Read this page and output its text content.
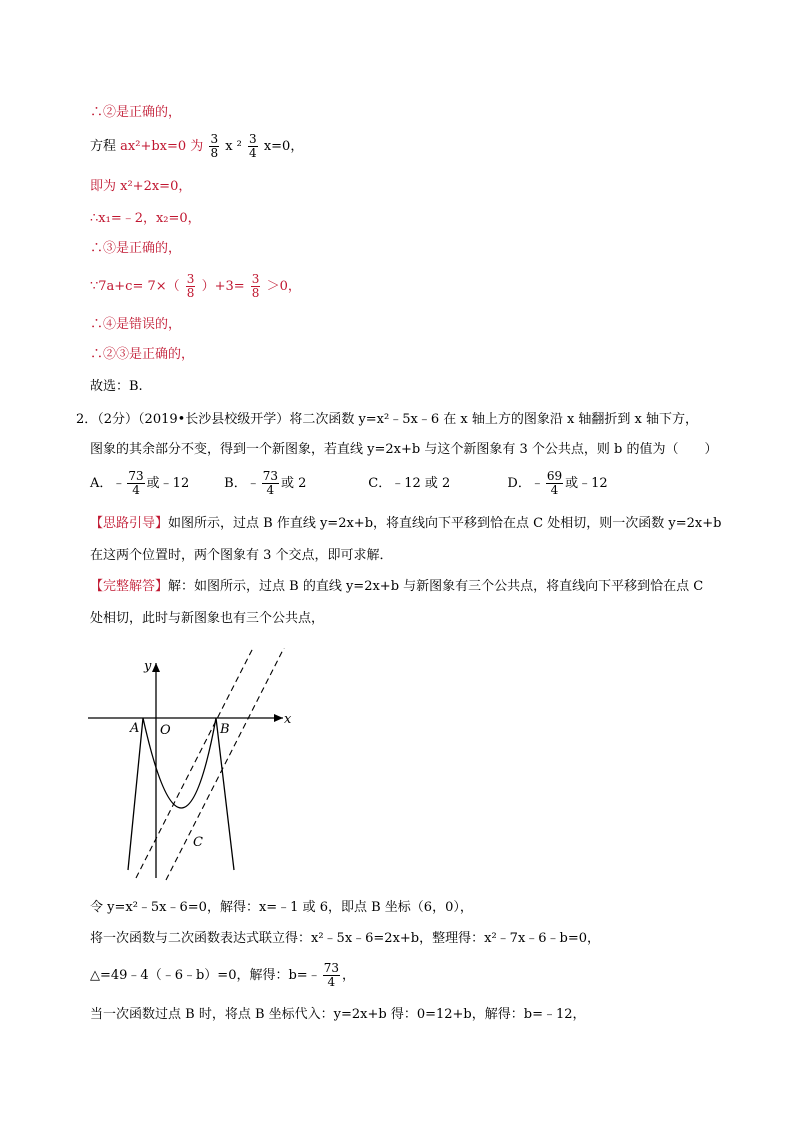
∴②是正确的，
方程 ax²+bx=0 为 $\frac{3}{8}$ x $^2 \frac{3}{4} x=0$，
即为 x²+2x=0，
∴x₁=﹣2，x₂=0，
∴③是正确的，
∵7a+c= $7\times( \frac{3}{8} )+3= \frac{3}{8} >0$，
∴④是错误的，
∴②③是正确的，
故选：B.
2．（2分）（2019•长沙县校级开学）将二次函数 y=x²﹣5x﹣6 在 x 轴上方的图象沿 x 轴翻折到 x 轴下方，
图象的其余部分不变，得到一个新图象，若直线 y=2x+b 与这个新图象有 3 个公共点，则 b 的值为（　　）
A．﹣ $\frac{73}{4}$ 或﹣12	B．﹣ $\frac{73}{4}$ 或 2	C．﹣12 或 2	D．﹣ $\frac{69}{4}$ 或﹣12
【思路引导】如图所示，过点 B 作直线 y=2x+b，将直线向下平移到恰在点 C 处相切，则一次函数 y=2x+b
在这两个位置时，两个图象有 3 个交点，即可求解．
【完整解答】解：如图所示，过点 B 的直线 y=2x+b 与新图象有三个公共点，将直线向下平移到恰在点 C
处相切，此时与新图象也有三个公共点，
y
x
A O	B
C
令 y=x²﹣5x﹣6=0，解得：x=﹣1 或 6，即点 B 坐标（6，0），
将一次函数与二次函数表达式联立得：x²﹣5x﹣6=2x+b，整理得：x²﹣7x﹣6﹣b=0，
△=49﹣4（﹣6﹣b）=0，解得：b=﹣ $\frac{73}{4}$ ，
当一次函数过点 B 时，将点 B 坐标代入：y=2x+b 得：0=12+b，解得：b=﹣12，
